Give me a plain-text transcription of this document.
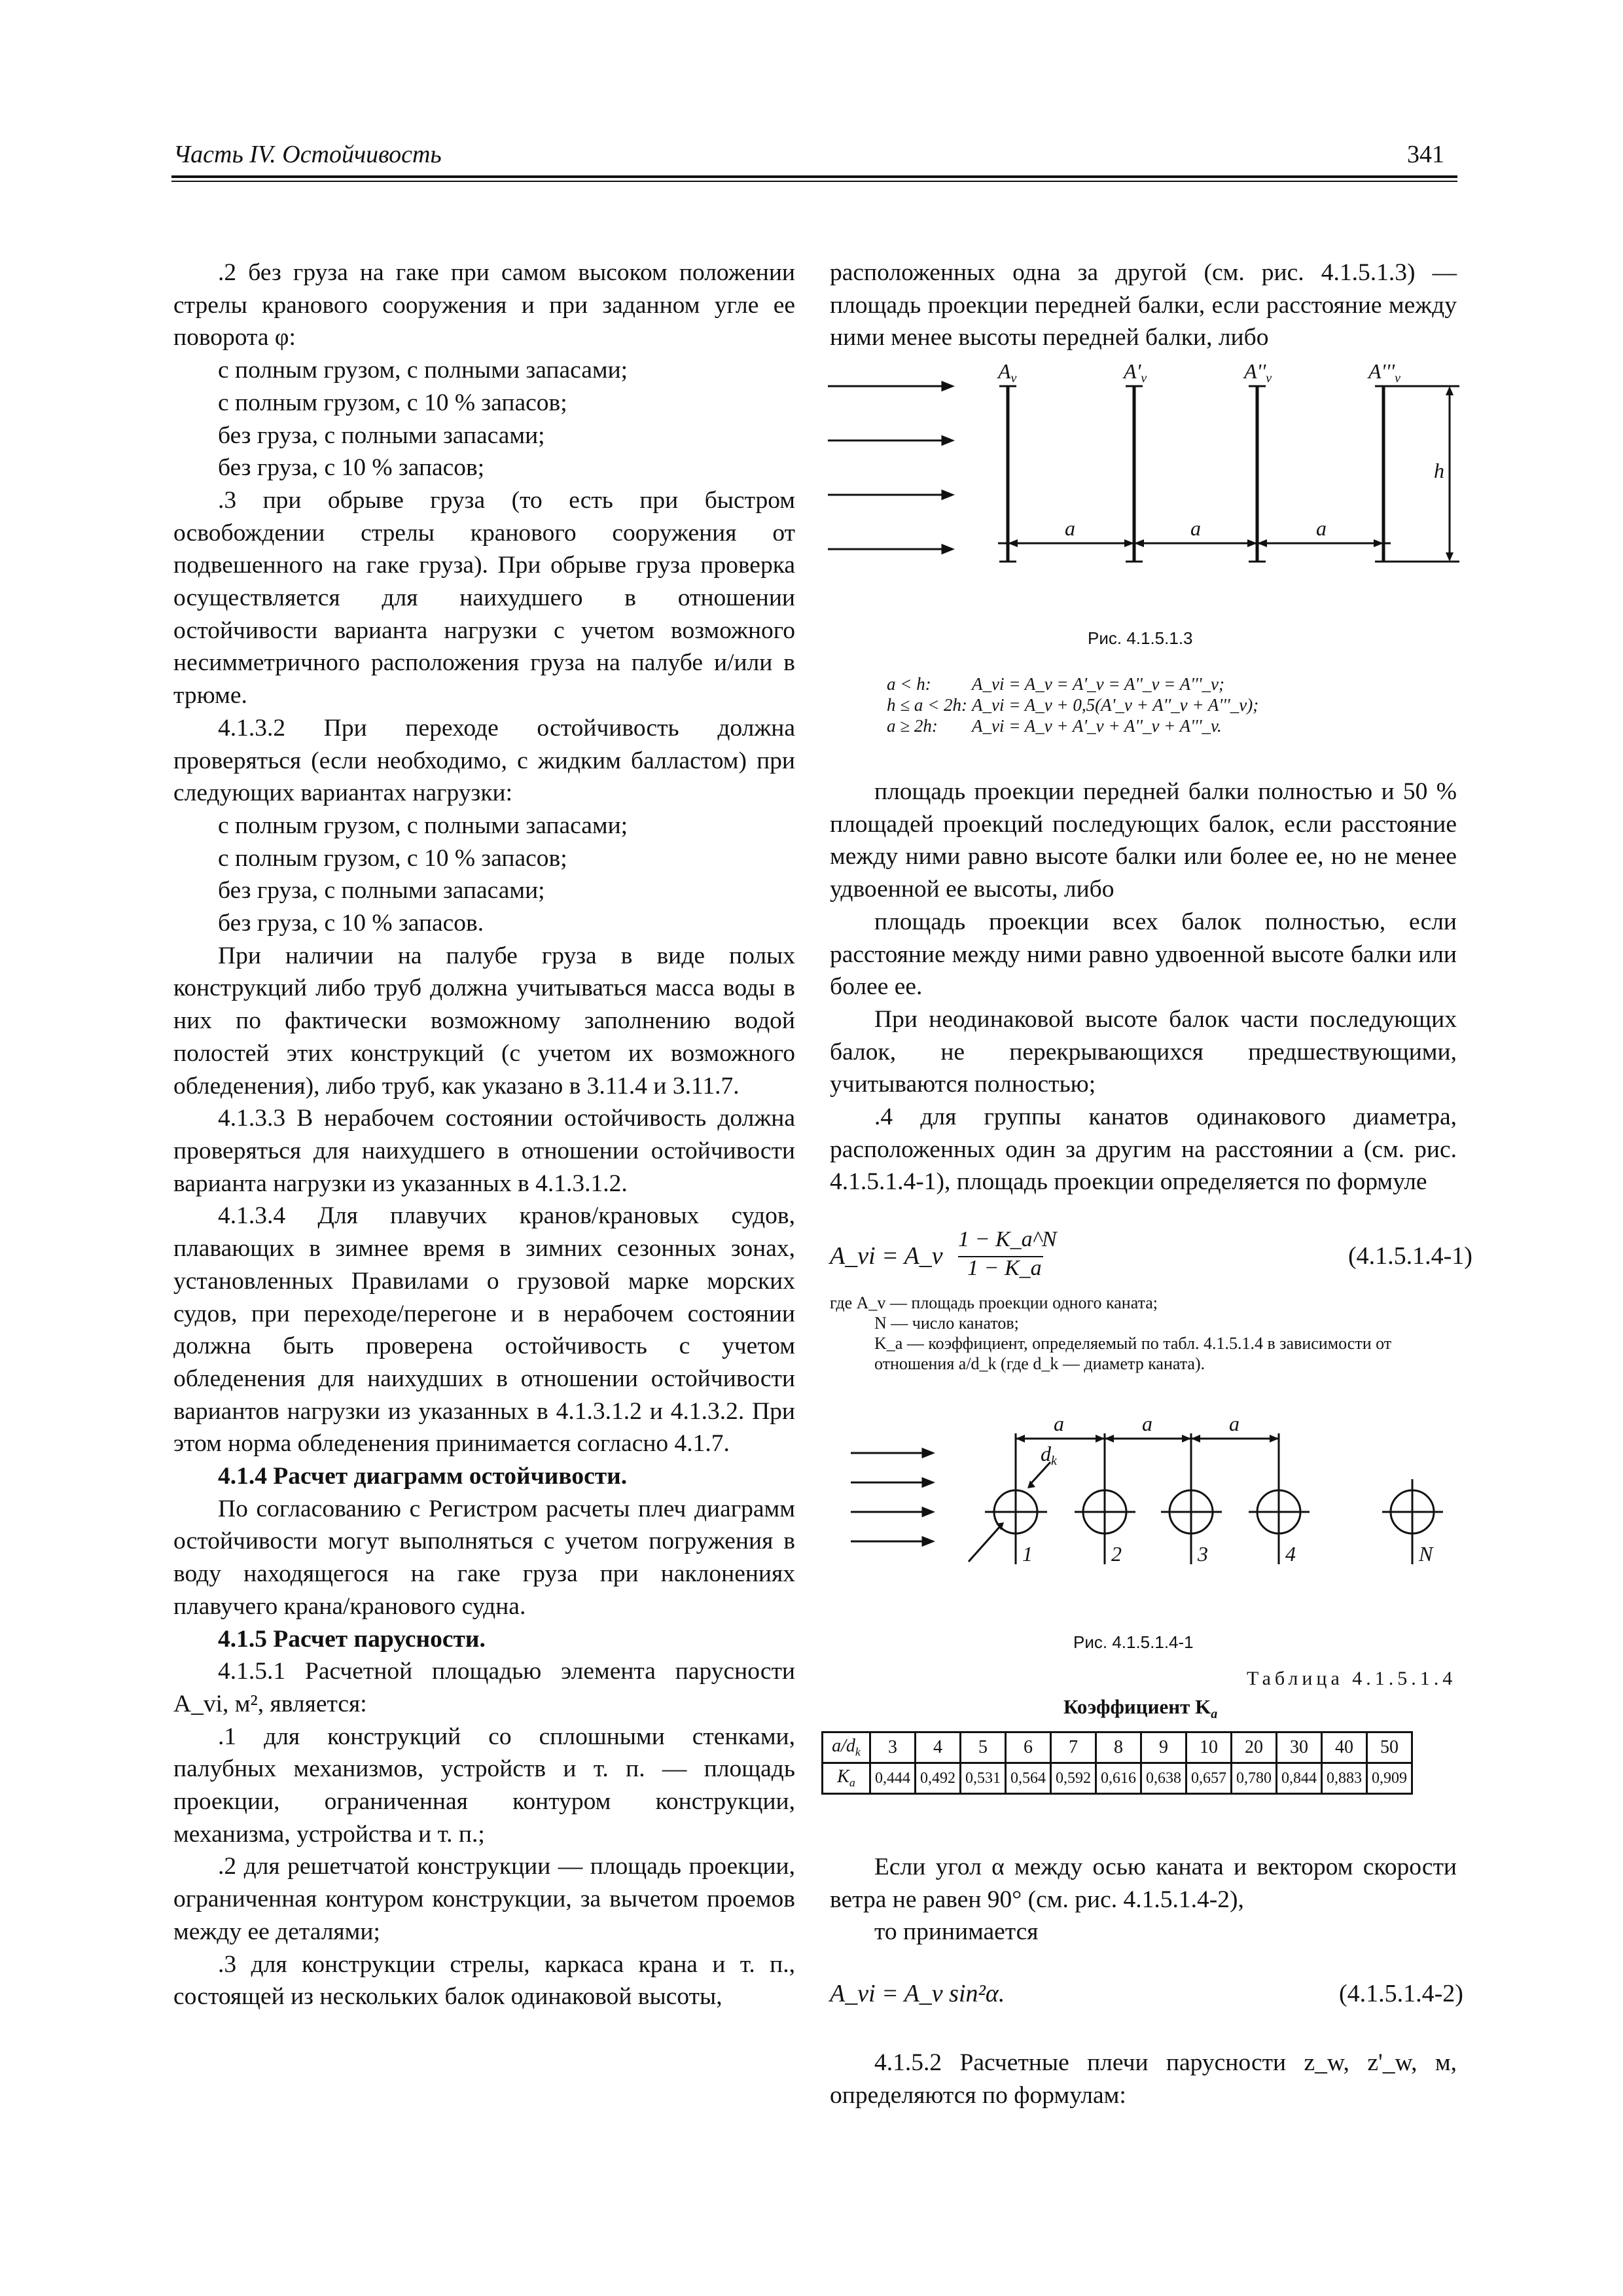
Часть IV. Остойчивость	341

.2 без груза на гаке при самом высоком положении стрелы кранового сооружения и при заданном угле ее поворота φ:

с полным грузом, с полными запасами;

с полным грузом, с 10 % запасов;

без груза, с полными запасами;

без груза, с 10 % запасов;

.3 при обрыве груза (то есть при быстром освобождении стрелы кранового сооружения от подвешенного на гаке груза). При обрыве груза проверка осуществляется для наихудшего в отношении остойчивости варианта нагрузки с учетом возможного несимметричного расположения груза на палубе и/или в трюме.

4.1.3.2 При переходе остойчивость должна проверяться (если необходимо, с жидким балластом) при следующих вариантах нагрузки:

с полным грузом, с полными запасами;

с полным грузом, с 10 % запасов;

без груза, с полными запасами;

без груза, с 10 % запасов.

При наличии на палубе груза в виде полых конструкций либо труб должна учитываться масса воды в них по фактически возможному заполнению водой полостей этих конструкций (с учетом их возможного обледенения), либо труб, как указано в 3.11.4 и 3.11.7.

4.1.3.3 В нерабочем состоянии остойчивость должна проверяться для наихудшего в отношении остойчивости варианта нагрузки из указанных в 4.1.3.1.2.

4.1.3.4 Для плавучих кранов/крановых судов, плавающих в зимнее время в зимних сезонных зонах, установленных Правилами о грузовой марке морских судов, при переходе/перегоне и в нерабочем состоянии должна быть проверена остойчивость с учетом обледенения для наихудших в отношении остойчивости вариантов нагрузки из указанных в 4.1.3.1.2 и 4.1.3.2. При этом норма обледенения принимается согласно 4.1.7.

4.1.4 Расчет диаграмм остойчивости.

По согласованию с Регистром расчеты плеч диаграмм остойчивости могут выполняться с учетом погружения в воду находящегося на гаке груза при наклонениях плавучего крана/кранового судна.

4.1.5 Расчет парусности.

4.1.5.1 Расчетной площадью элемента парусности A_vi, м², является:

.1 для конструкций со сплошными стенками, палубных механизмов, устройств и т. п. — площадь проекции, ограниченная контуром конструкции, механизма, устройства и т. п.;

.2 для решетчатой конструкции — площадь проекции, ограниченная контуром конструкции, за вычетом проемов между ее деталями;

.3 для конструкции стрелы, каркаса крана и т. п., состоящей из нескольких балок одинаковой высоты,

расположенных одна за другой (см. рис. 4.1.5.1.3) — площадь проекции передней балки, если расстояние между ними менее высоты передней балки, либо

Av	A'v	A''v	A'''v
a	a	a
h
Рис. 4.1.5.1.3
a < h: A_vi = A_v = A'_v = A''_v = A'''_v;
h ≤ a < 2h: A_vi = A_v + 0,5(A'_v + A''_v + A'''_v);
a ≥ 2h: A_vi = A_v + A'_v + A''_v + A'''_v.

площадь проекции передней балки полностью и 50 % площадей проекций последующих балок, если расстояние между ними равно высоте балки или более ее, но не менее удвоенной ее высоты, либо

площадь проекции всех балок полностью, если расстояние между ними равно удвоенной высоте балки или более ее.

При неодинаковой высоте балок части последующих балок, не перекрывающихся предшествующими, учитываются полностью;

.4 для группы канатов одинакового диаметра, расположенных один за другим на расстоянии a (см. рис. 4.1.5.1.4-1), площадь проекции определяется по формуле

A_vi = A_v
1 − K_a^N
1 − K_a	(4.1.5.1.4-1)
где A_v — площадь проекции одного каната;
N — число канатов;
K_a — коэффициент, определяемый по табл. 4.1.5.1.4 в зависимости от отношения a/d_k (где d_k — диаметр каната).
a	a	a
dk
1	2	3	4	N
Рис. 4.1.5.1.4-1
Таблица 4.1.5.1.4
Коэффициент $K_a$
$a/d_k$	3	4	5	6	7	8	9	10	20	30	40	50
$K_a$	0,444	0,492	0,531	0,564	0,592	0,616	0,638	0,657	0,780	0,844	0,883	0,909

Если угол α между осью каната и вектором скорости ветра не равен 90° (см. рис. 4.1.5.1.4-2),

то принимается

A_vi = A_v sin²α.	(4.1.5.1.4-2)

4.1.5.2 Расчетные плечи парусности z_w, z'_w, м, определяются по формулам:
